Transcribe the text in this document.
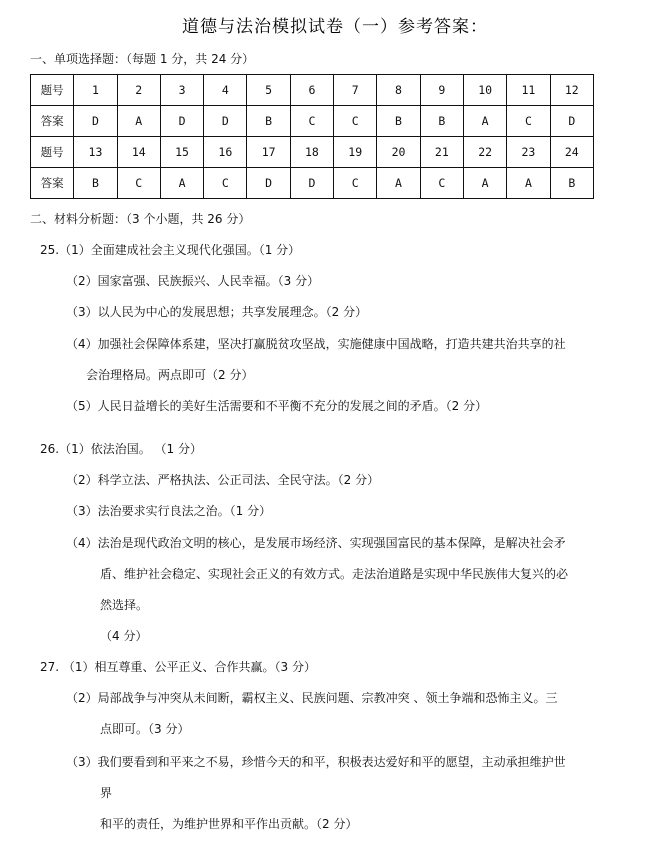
道德与法治模拟试卷（一）参考答案：
一、单项选择题：（每题 1 分，共 24 分）
题号	1	2	3	4	5	6	7	8	9	10	11	12
答案	D	A	D	D	B	C	C	B	B	A	C	D
题号	13	14	15	16	17	18	19	20	21	22	23	24
答案	B	C	A	C	D	D	C	A	C	A	A	B
二、材料分析题：（3 个小题，共 26 分）
25.（1）全面建成社会主义现代化强国。（1 分）
（2）国家富强、民族振兴、人民幸福。（3 分）
（3）以人民为中心的发展思想；共享发展理念。（2 分）
（4）加强社会保障体系建，坚决打赢脱贫攻坚战，实施健康中国战略，打造共建共治共享的社
会治理格局。两点即可（2 分）
（5）人民日益增长的美好生活需要和不平衡不充分的发展之间的矛盾。（2 分）
26.（1）依法治国。 （1 分）
（2）科学立法、严格执法、公正司法、全民守法。（2 分）
（3）法治要求实行良法之治。（1 分）
（4）法治是现代政治文明的核心，是发展市场经济、实现强国富民的基本保障，是解决社会矛
盾、维护社会稳定、实现社会正义的有效方式。走法治道路是实现中华民族伟大复兴的必
然选择。
（4 分）
27. （1）相互尊重、公平正义、合作共赢。（3 分）
（2）局部战争与冲突从未间断，霸权主义、民族问题、宗教冲突 、领土争端和恐怖主义。三
点即可。（3 分）
（3）我们要看到和平来之不易，珍惜今天的和平，积极表达爱好和平的愿望，主动承担维护世
界
和平的责任，为维护世界和平作出贡献。（2 分）
